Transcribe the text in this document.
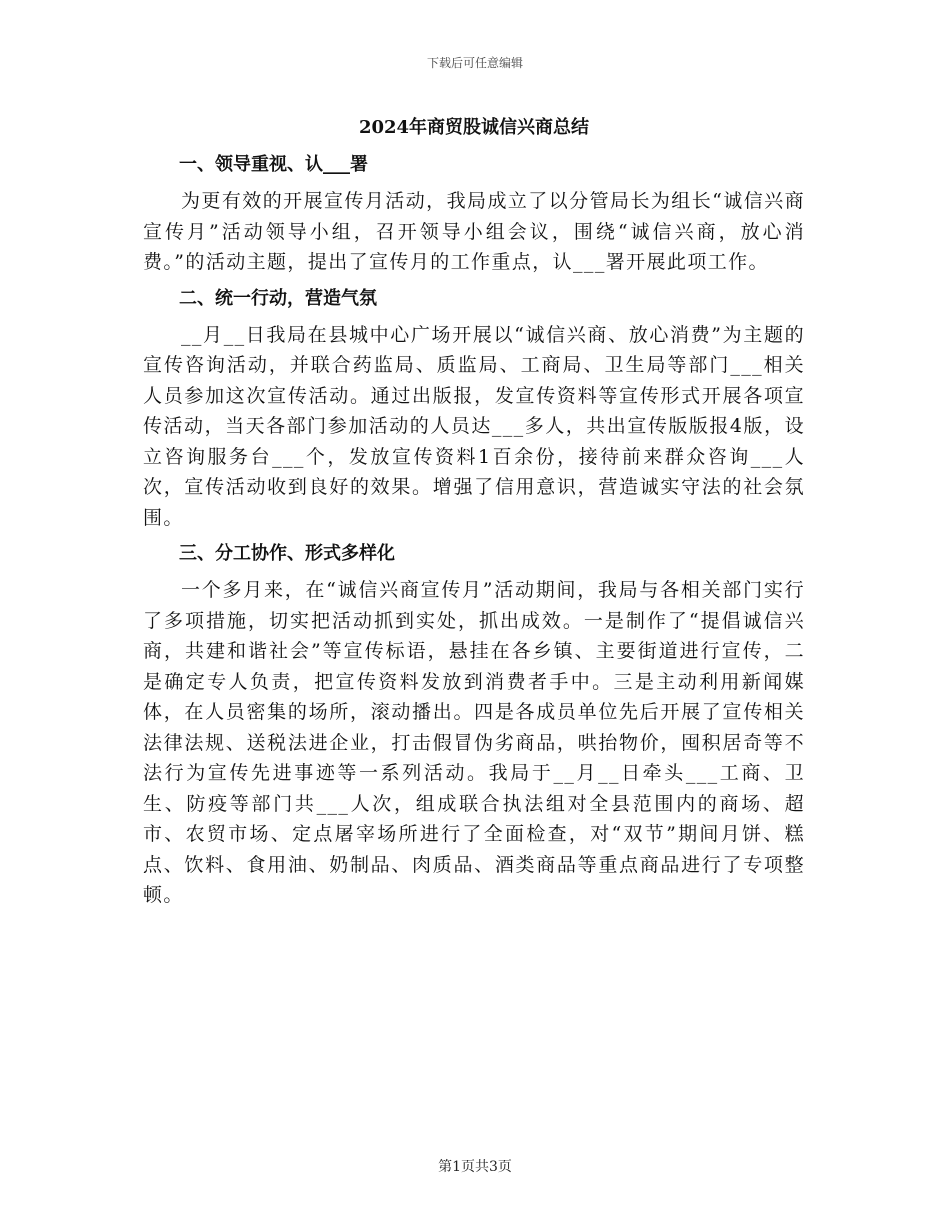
下载后可任意编辑
2024年商贸股诚信兴商总结
一、领导重视、认___署
为更有效的开展宣传月活动，我局成立了以分管局长为组长“诚信兴商宣传月”活动领导小组，召开领导小组会议，围绕“诚信兴商，放心消费。”的活动主题，提出了宣传月的工作重点，认___署开展此项工作。
二、统一行动，营造气氛
__月__日我局在县城中心广场开展以“诚信兴商、放心消费”为主题的宣传咨询活动，并联合药监局、质监局、工商局、卫生局等部门___相关人员参加这次宣传活动。通过出版报，发宣传资料等宣传形式开展各项宣传活动，当天各部门参加活动的人员达___多人，共出宣传版版报4版，设立咨询服务台___个，发放宣传资料1百余份，接待前来群众咨询___人次，宣传活动收到良好的效果。增强了信用意识，营造诚实守法的社会氛围。
三、分工协作、形式多样化
一个多月来，在“诚信兴商宣传月”活动期间，我局与各相关部门实行了多项措施，切实把活动抓到实处，抓出成效。一是制作了“提倡诚信兴商，共建和谐社会”等宣传标语，悬挂在各乡镇、主要街道进行宣传，二是确定专人负责，把宣传资料发放到消费者手中。三是主动利用新闻媒体，在人员密集的场所，滚动播出。四是各成员单位先后开展了宣传相关法律法规、送税法进企业，打击假冒伪劣商品，哄抬物价，囤积居奇等不法行为宣传先进事迹等一系列活动。我局于__月__日牵头___工商、卫生、防疫等部门共___人次，组成联合执法组对全县范围内的商场、超市、农贸市场、定点屠宰场所进行了全面检查，对“双节”期间月饼、糕点、饮料、食用油、奶制品、肉质品、酒类商品等重点商品进行了专项整顿。
第1页共3页
